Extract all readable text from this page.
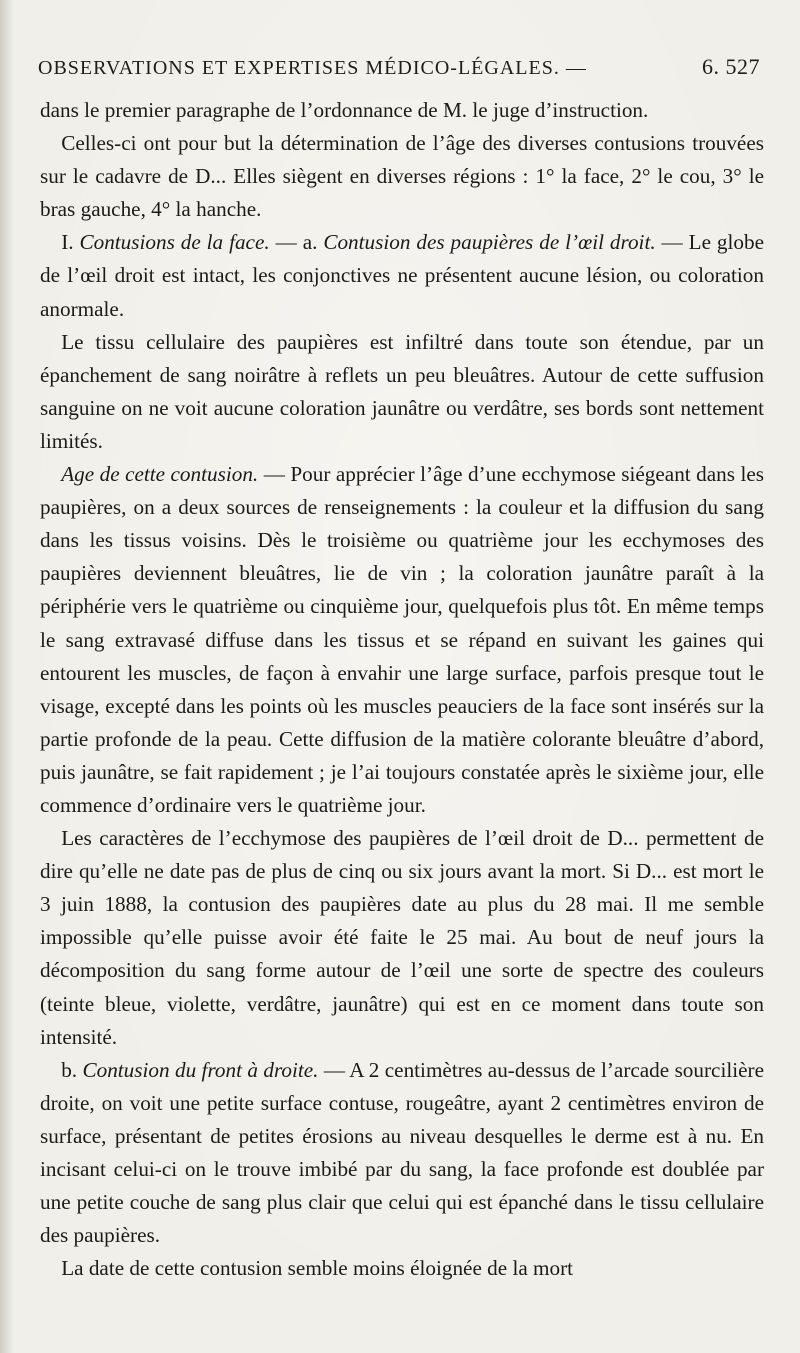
OBSERVATIONS ET EXPERTISES MÉDICO-LÉGALES. —	6. 527

dans le premier paragraphe de l’ordonnance de M. le juge d’instruction.

 Celles-ci ont pour but la détermination de l’âge des diverses contusions trouvées sur le cadavre de D... Elles siègent en diverses régions : 1° la face, 2° le cou, 3° le bras gauche, 4° la hanche.

 I. Contusions de la face. — a. Contusion des paupières de l’œil droit. — Le globe de l’œil droit est intact, les conjonctives ne présentent aucune lésion, ou coloration anormale.

 Le tissu cellulaire des paupières est infiltré dans toute son étendue, par un épanchement de sang noirâtre à reflets un peu bleuâtres. Autour de cette suffusion sanguine on ne voit aucune coloration jaunâtre ou verdâtre, ses bords sont nettement limités.

 Age de cette contusion. — Pour apprécier l’âge d’une ecchymose siégeant dans les paupières, on a deux sources de renseignements : la couleur et la diffusion du sang dans les tissus voisins. Dès le troisième ou quatrième jour les ecchymoses des paupières deviennent bleuâtres, lie de vin ; la coloration jaunâtre paraît à la périphérie vers le quatrième ou cinquième jour, quelquefois plus tôt. En même temps le sang extravasé diffuse dans les tissus et se répand en suivant les gaines qui entourent les muscles, de façon à envahir une large surface, parfois presque tout le visage, excepté dans les points où les muscles peauciers de la face sont insérés sur la partie profonde de la peau. Cette diffusion de la matière colorante bleuâtre d’abord, puis jaunâtre, se fait rapidement ; je l’ai toujours constatée après le sixième jour, elle commence d’ordinaire vers le quatrième jour.

 Les caractères de l’ecchymose des paupières de l’œil droit de D... permettent de dire qu’elle ne date pas de plus de cinq ou six jours avant la mort. Si D... est mort le 3 juin 1888, la contusion des paupières date au plus du 28 mai. Il me semble impossible qu’elle puisse avoir été faite le 25 mai. Au bout de neuf jours la décomposition du sang forme autour de l’œil une sorte de spectre des couleurs (teinte bleue, violette, verdâtre, jaunâtre) qui est en ce moment dans toute son intensité.

 b. Contusion du front à droite. — A 2 centimètres au-dessus de l’arcade sourcilière droite, on voit une petite surface contuse, rougeâtre, ayant 2 centimètres environ de surface, présentant de petites érosions au niveau desquelles le derme est à nu. En incisant celui-ci on le trouve imbibé par du sang, la face profonde est doublée par une petite couche de sang plus clair que celui qui est épanché dans le tissu cellulaire des paupières.

 La date de cette contusion semble moins éloignée de la mort
